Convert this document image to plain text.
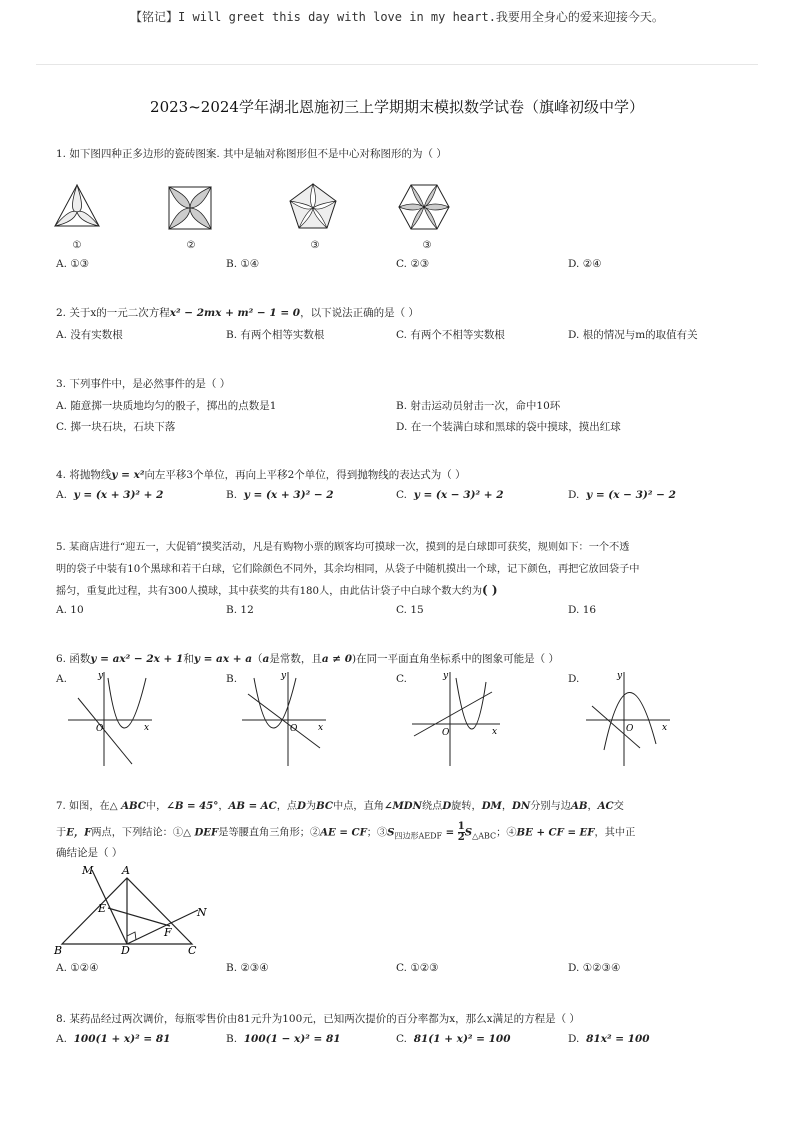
【铭记】I will greet this day with love in my heart.我要用全身心的爱来迎接今天。
2023~2024学年湖北恩施初三上学期期末模拟数学试卷（旗峰初级中学）
1. 如下图四种正多边形的瓷砖图案. 其中是轴对称图形但不是中心对称图形的为（ ）
①	②	③	③
A. ①③	B. ①④	C. ②③	D. ②④
2. 关于x的一元二次方程x² − 2mx + m² − 1 = 0，以下说法正确的是（ ）
A. 没有实数根	B. 有两个相等实数根	C. 有两个不相等实数根	D. 根的情况与m的取值有关
3. 下列事件中，是必然事件的是（ ）
A. 随意掷一块质地均匀的骰子，掷出的点数是1	B. 射击运动员射击一次，命中10环
C. 掷一块石块，石块下落	D. 在一个装满白球和黑球的袋中摸球，摸出红球
4. 将抛物线y = x²向左平移3个单位，再向上平移2个单位，得到抛物线的表达式为（ ）
A. y = (x + 3)² + 2	B. y = (x + 3)² − 2	C. y = (x − 3)² + 2	D. y = (x − 3)² − 2
5. 某商店进行“迎五一，大促销”摸奖活动，凡是有购物小票的顾客均可摸球一次，摸到的是白球即可获奖，规则如下：一个不透
明的袋子中装有10个黑球和若干白球，它们除颜色不同外，其余均相同，从袋子中随机摸出一个球，记下颜色，再把它放回袋子中
摇匀，重复此过程，共有300人摸球，其中获奖的共有180人，由此估计袋子中白球个数大约为( )
A. 10	B. 12	C. 15	D. 16
6. 函数y = ax² − 2x + 1和y = ax + a（a是常数，且a ≠ 0)在同一平面直角坐标系中的图象可能是（ ）
A.	B.	C.	D.
y
x
O
y
x
O
y
x
O
y
x
O
7. 如图，在△ ABC中，∠B = 45°，AB = AC，点D为BC中点，直角∠MDN绕点D旋转，DM，DN分别与边AB，AC交
于E，F两点，下列结论：①△ DEF是等腰直角三角形；②AE = CF；$③S_{四边形AEDF} = \frac{1}{2} S_{\triangle ABC}$；④BE + CF = EF，其中正
确结论是（ ）
M	A
E	N
F
B	D	C
A. ①②④	B. ②③④	C. ①②③	D. ①②③④
8. 某药品经过两次调价，每瓶零售价由81元升为100元，已知两次提价的百分率都为x，那么x满足的方程是（ ）
A. 100(1 + x)² = 81	B. 100(1 − x)² = 81	C. 81(1 + x)² = 100	D. 81x² = 100
